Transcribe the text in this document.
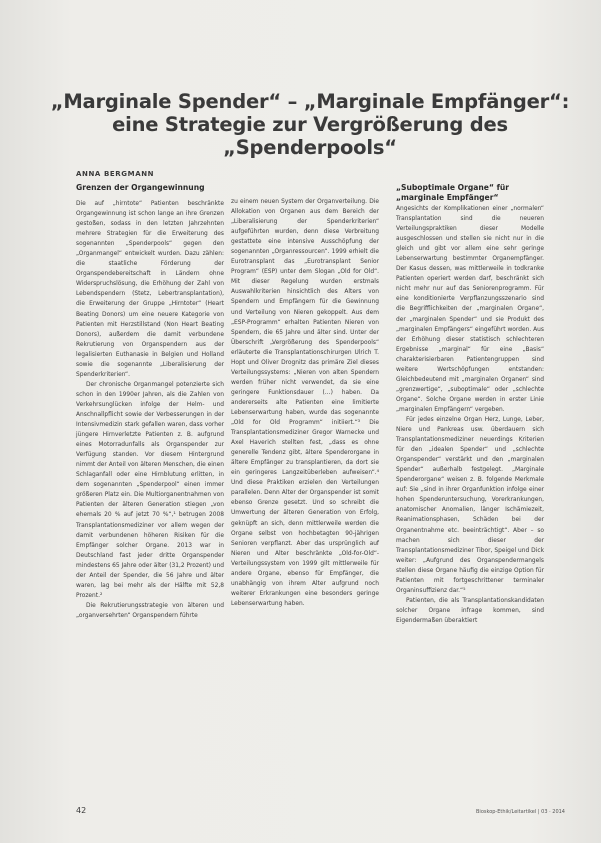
„Marginale Spender“ – „Marginale Empfänger“:
eine Strategie zur Vergrößerung des „Spenderpools“
ANNA BERGMANN
Grenzen der Organgewinnung

Die auf „hirntote“ Patienten beschränkte Organgewinnung ist schon lange an ihre Grenzen gestoßen, sodass in den letzten Jahrzehnten mehrere Strategien für die Erweiterung des sogenannten „Spenderpools“ gegen den „Organmangel“ entwickelt wurden. Dazu zählen: die staatliche Förderung der Organspendebereitschaft in Ländern ohne Widerspruchslösung, die Erhöhung der Zahl von Lebendspendern (Stetz, Lebertransplantation), die Erweiterung der Gruppe „Hirntoter“ (Heart Beating Donors) um eine neuere Kategorie von Patienten mit Herzstillstand (Non Heart Beating Donors), außerdem die damit verbundene Rekrutierung von Organspendern aus der legalisierten Euthanasie in Belgien und Holland sowie die sogenannte „Liberalisierung der Spenderkriterien“.

Der chronische Organmangel potenzierte sich schon in den 1990er Jahren, als die Zahlen von Verkehrsunglücken infolge der Helm- und Anschnallpflicht sowie der Verbesserungen in der Intensivmedizin stark gefallen waren, dass vorher jüngere Hirnverletzte Patienten z. B. aufgrund eines Motorradunfalls als Organspender zur Verfügung standen. Vor diesem Hintergrund nimmt der Anteil von älteren Menschen, die einen Schlaganfall oder eine Hirnblutung erlitten, in dem sogenannten „Spenderpool“ einen immer größeren Platz ein. Die Multiorganentnahmen von Patienten der älteren Generation stiegen „von ehemals 20 % auf jetzt 70 %“,¹ betrugen 2008 Transplantationsmediziner vor allem wegen der damit verbundenen höheren Risiken für die Empfänger solcher Organe. 2013 war in Deutschland fast jeder dritte Organspender mindestens 65 Jahre oder älter (31,2 Prozent) und der Anteil der Spender, die 56 Jahre und älter waren, lag bei mehr als der Hälfte mit 52,8 Prozent.²

Die Rekrutierungsstrategie von älteren und „organversehrten“ Organspendern führte

zu einem neuen System der Organverteilung. Die Allokation von Organen aus dem Bereich der „Liberalisierung der Spenderkriterien“ aufgeführten wurden, denn diese Verbreitung gestattete eine intensive Ausschöpfung der sogenannten „Organressourcen“. 1999 erhielt die Eurotransplant das „Eurotransplant Senior Program“ (ESP) unter dem Slogan „Old for Old“. Mit dieser Regelung wurden erstmals Auswahlkriterien hinsichtlich des Alters von Spendern und Empfängern für die Gewinnung und Verteilung von Nieren gekoppelt. Aus dem „ESP-Programm“ erhalten Patienten Nieren von Spendern, die 65 Jahre und älter sind. Unter der Überschrift „Vergrößerung des Spenderpools“ erläuterte die Transplantationschirurgen Ulrich T. Hopt und Oliver Drognitz das primäre Ziel dieses Verteilungssystems: „Nieren von alten Spendern werden früher nicht verwendet, da sie eine geringere Funktionsdauer (…) haben. Da andererseits alte Patienten eine limitierte Lebenserwartung haben, wurde das sogenannte „Old for Old Programm“ initiiert.“³ Die Transplantationsmediziner Gregor Warnecke und Axel Haverich stellten fest, „dass es ohne generelle Tendenz gibt, ältere Spenderorgane in ältere Empfänger zu transplantieren, da dort sie ein geringeres Langzeitüberleben aufweisen“.⁴ Und diese Praktiken erzielen den Verteilungen parallelen. Denn Alter der Organspender ist somit ebenso Grenze gesetzt. Und so schreibt die Umwertung der älteren Generation von Erfolg, geknüpft an sich, denn mittlerweile werden die Organe selbst von hochbetagten 90-jährigen Senioren verpflanzt. Aber das ursprünglich auf Nieren und Alter beschränkte „Old-for-Old“-Verteilungssystem von 1999 gilt mittlerweile für andere Organe, ebenso für Empfänger, die unabhängig von ihrem Alter aufgrund noch weiterer Erkrankungen eine besonders geringe Lebenserwartung haben.

„Suboptimale Organe“ für
„marginale Empfänger“

Angesichts der Komplikationen einer „normalen“ Transplantation sind die neueren Verteilungspraktiken dieser Modelle ausgeschlossen und stellen sie nicht nur in die gleich und gibt vor allem eine sehr geringe Lebenserwartung bestimmter Organempfänger. Der Kasus dessen, was mittlerweile in todkranke Patienten operiert werden darf, beschränkt sich nicht mehr nur auf das Seniorenprogramm. Für eine konditionierte Verpflanzungsszenario sind die Begrifflichkeiten der „marginalen Organe“, der „marginalen Spender“ und sie Produkt des „marginalen Empfängers“ eingeführt worden. Aus der Erhöhung dieser statistisch schlechteren Ergebnisse „marginal“ für eine „Basis“ charakterisierbaren Patientengruppen sind weitere Wertschöpfungen entstanden: Gleichbedeutend mit „marginalen Organen“ sind „grenzwertige“, „suboptimale“ oder „schlechte Organe“. Solche Organe werden in erster Linie „marginalen Empfängern“ vergeben.

Für jedes einzelne Organ Herz, Lunge, Leber, Niere und Pankreas usw. überdauern sich Transplantationsmediziner neuerdings Kriterien für den „idealen Spender“ und „schlechte Organspender“ verstärkt und den „marginalen Spender“ außerhalb festgelegt. „Marginale Spenderorgane“ weisen z. B. folgende Merkmale auf: Sie „sind in ihrer Organfunktion infolge einer hohen Spenderuntersuchung, Vorerkrankungen, anatomischer Anomalien, länger Ischämiezeit, Reanimationsphasen, Schäden bei der Organentnahme etc. beeinträchtigt“. Aber – so machen sich dieser der Transplantationsmediziner Tibor, Speigel und Dick weiter: „Aufgrund des Organspendermangels stellen diese Organe häufig die einzige Option für Patienten mit fortgeschrittener terminaler Organinsuffizienz dar.“⁵

Patienten, die als Transplantationskandidaten solcher Organe infrage kommen, sind Eigendermaßen überaktiert

42	Bioskop-Ethik/Leitartikel | 03 · 2014
